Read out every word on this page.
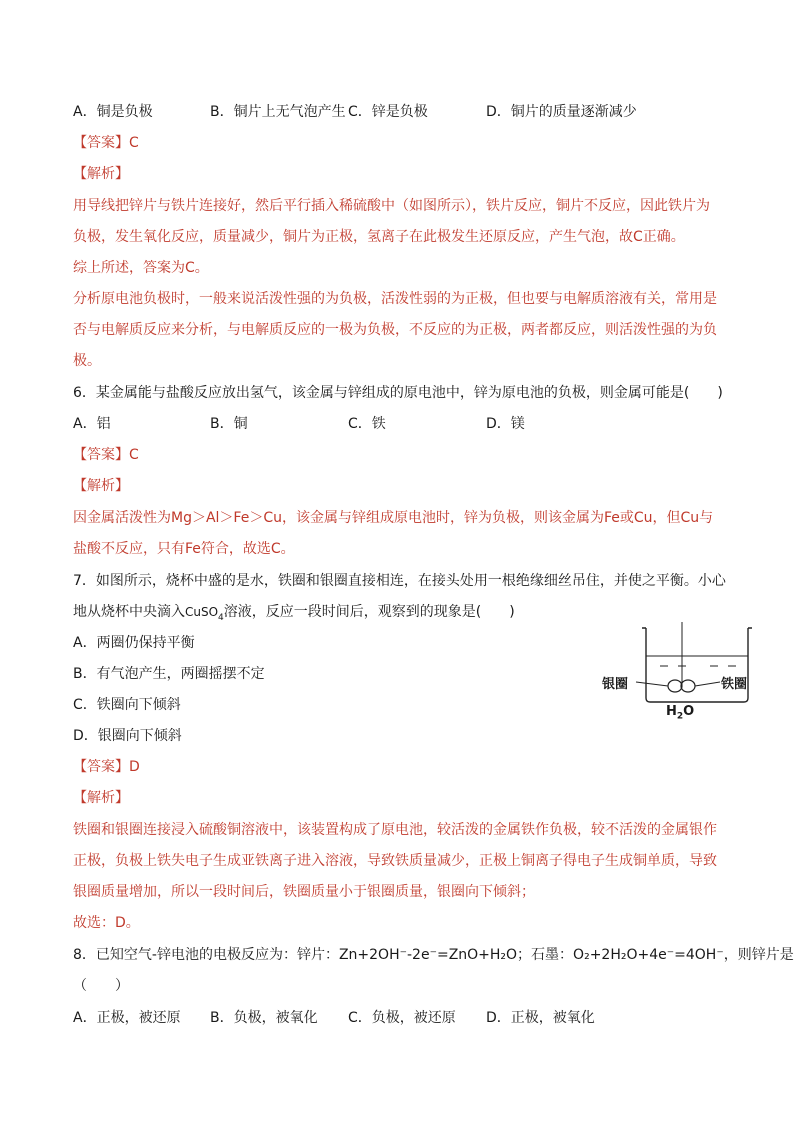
A．铜是负极	B．铜片上无气泡产生 C．锌是负极	D．铜片的质量逐渐减少
【答案】C
【解析】
用导线把锌片与铁片连接好，然后平行插入稀硫酸中（如图所示），铁片反应，铜片不反应，因此铁片为
负极，发生氧化反应，质量减少，铜片为正极，氢离子在此极发生还原反应，产生气泡，故C正确。
综上所述，答案为C。
分析原电池负极时，一般来说活泼性强的为负极，活泼性弱的为正极，但也要与电解质溶液有关，常用是
否与电解质反应来分析，与电解质反应的一极为负极，不反应的为正极，两者都反应，则活泼性强的为负
极。
6．某金属能与盐酸反应放出氢气，该金属与锌组成的原电池中，锌为原电池的负极，则金属可能是(　　)
A．铝	B．铜	C．铁	D．镁
【答案】C
【解析】
因金属活泼性为Mg＞Al＞Fe＞Cu，该金属与锌组成原电池时，锌为负极，则该金属为Fe或Cu，但Cu与
盐酸不反应，只有Fe符合，故选C。
7．如图所示，烧杯中盛的是水，铁圈和银圈直接相连，在接头处用一根绝缘细丝吊住，并使之平衡。小心
地从烧杯中央滴入CuSO$_4$溶液，反应一段时间后，观察到的现象是(　　)
A．两圈仍保持平衡
B．有气泡产生，两圈摇摆不定
C．铁圈向下倾斜
D．银圈向下倾斜
【答案】D
【解析】
铁圈和银圈连接浸入硫酸铜溶液中，该装置构成了原电池，较活泼的金属铁作负极，较不活泼的金属银作
正极，负极上铁失电子生成亚铁离子进入溶液，导致铁质量减少，正极上铜离子得电子生成铜单质，导致
银圈质量增加，所以一段时间后，铁圈质量小于银圈质量，银圈向下倾斜；
故选：D。
银圈	铁圈
$H_2O$
8．已知空气-锌电池的电极反应为：锌片：Zn+2OH⁻-2e⁻=ZnO+H₂O；石墨：O₂+2H₂O+4e⁻=4OH⁻，则锌片是
（　　）
A．正极，被还原 B．负极，被氧化 C．负极，被还原 D．正极，被氧化
